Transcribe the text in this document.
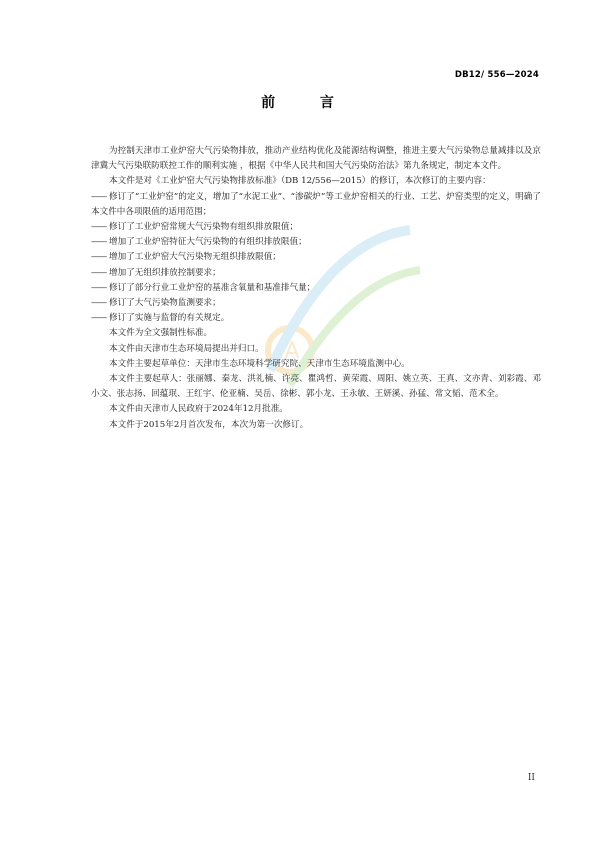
DB12/ 556—2024
前 言
IA

为控制天津市工业炉窑大气污染物排放，推动产业结构优化及能源结构调整，推进主要大气污染物总量减排以及京津冀大气污染联防联控工作的顺利实施 ，根据《中华人民共和国大气污染防治法》第九条规定，制定本文件。

本文件是对《工业炉窑大气污染物排放标准》（DB 12/556—2015）的修订，本次修订的主要内容：

—— 修订了“工业炉窑”的定义，增加了“水泥工业”、“渗碳炉”等工业炉窑相关的行业、工艺、炉窑类型的定义，明确了本文件中各项限值的适用范围；

—— 修订了工业炉窑常规大气污染物有组织排放限值；

—— 增加了工业炉窑特征大气污染物的有组织排放限值；

—— 增加了工业炉窑大气污染物无组织排放限值；

—— 增加了无组织排放控制要求；

—— 修订了部分行业工业炉窑的基准含氧量和基准排气量；

—— 修订了大气污染物监测要求；

—— 修订了实施与监督的有关规定。

本文件为全文强制性标准。

本文件由天津市生态环境局提出并归口。

本文件主要起草单位：天津市生态环境科学研究院、天津市生态环境监测中心。

本文件主要起草人：张丽娜、秦龙、洪礼楠、许亮、瞿鸿哲、黄荣霞、周阳、姚立英、王真、文亦青、刘彩霞、邓小文、张志扬、回蕴珉、王红宇、伦亚楠、吴岳、徐彬、郭小龙、王永敏、王妍溪、孙猛、常文韬、范术全。

本文件由天津市人民政府于2024年12月批准。

本文件于2015年2月首次发布，本次为第一次修订。

II
